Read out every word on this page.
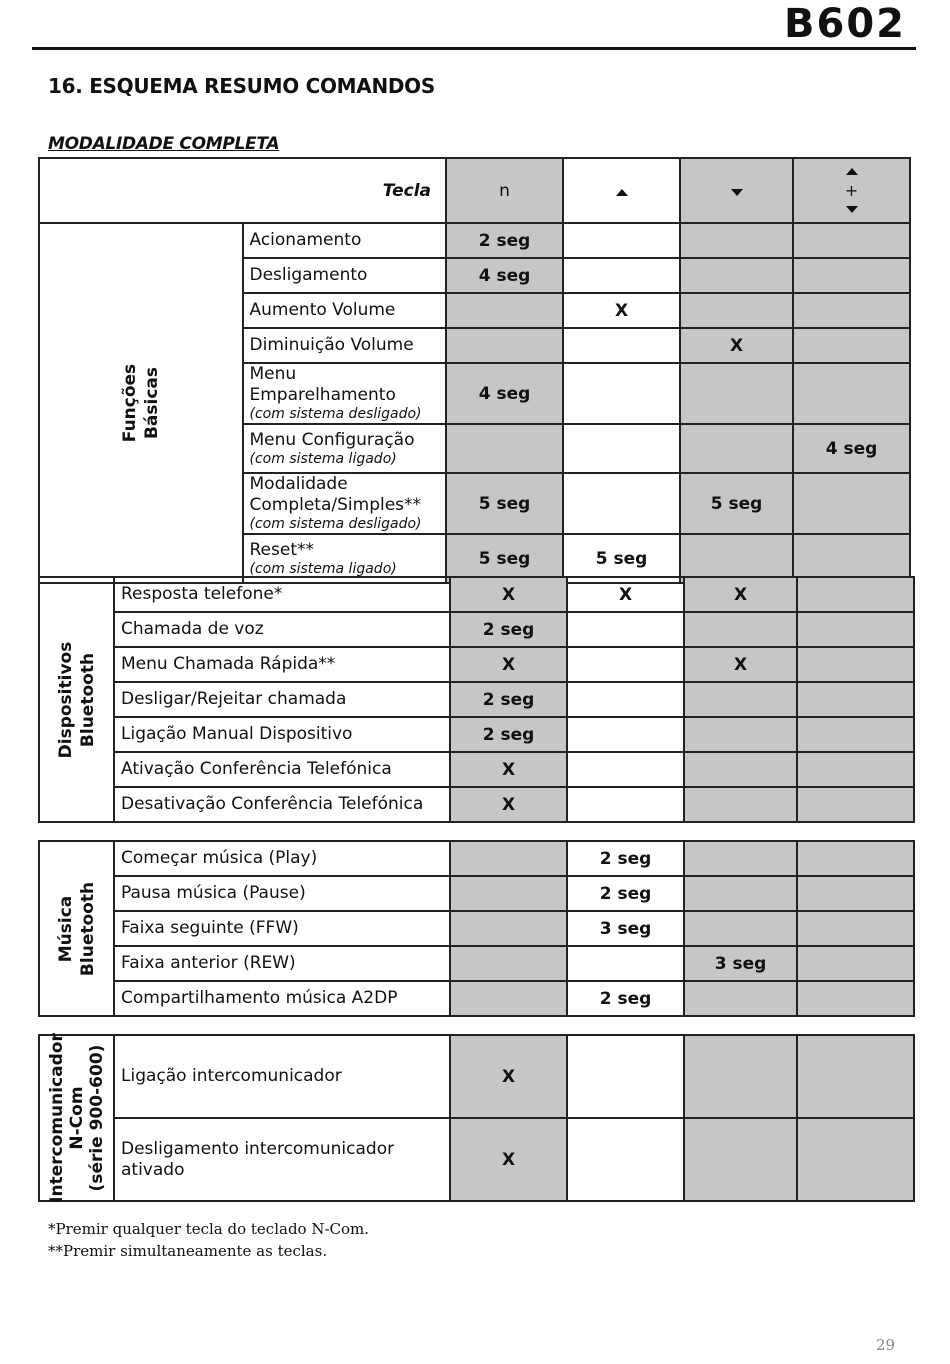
B602
16. ESQUEMA RESUMO COMANDOS
MODALIDADE COMPLETA
Tecla		n			+

Funções Básicas	Acionamento	2 seg			
	Desligamento	4 seg			
	Aumento Volume		X		
	Diminuição Volume			X	
	Menu Emparelhamento
(com sistema desligado)	4 seg			
	Menu Configuração
(com sistema ligado)				4 seg
	Modalidade Completa/Simples**
(com sistema desligado)	5 seg		5 seg	
	Reset**
(com sistema ligado)	5 seg	5 seg		
Dispositivos Bluetooth	Resposta telefone*	X	X	X	
	Chamada de voz	2 seg			
	Menu Chamada Rápida**	X		X	
	Desligar/Rejeitar chamada	2 seg			
	Ligação Manual Dispositivo	2 seg			
	Ativação Conferência Telefónica	X			
	Desativação Conferência Telefónica	X			
Música Bluetooth	Começar música (Play)		2 seg		
	Pausa música (Pause)		2 seg		
	Faixa seguinte (FFW)		3 seg		
	Faixa anterior (REW)			3 seg	
	Compartilhamento música A2DP		2 seg		
Intercomunicador N-Com (série 900-600)	Ligação intercomunicador	X			
	Desligamento intercomunicador ativado	X			
*Premir qualquer tecla do teclado N-Com.
**Premir simultaneamente as teclas.
29
